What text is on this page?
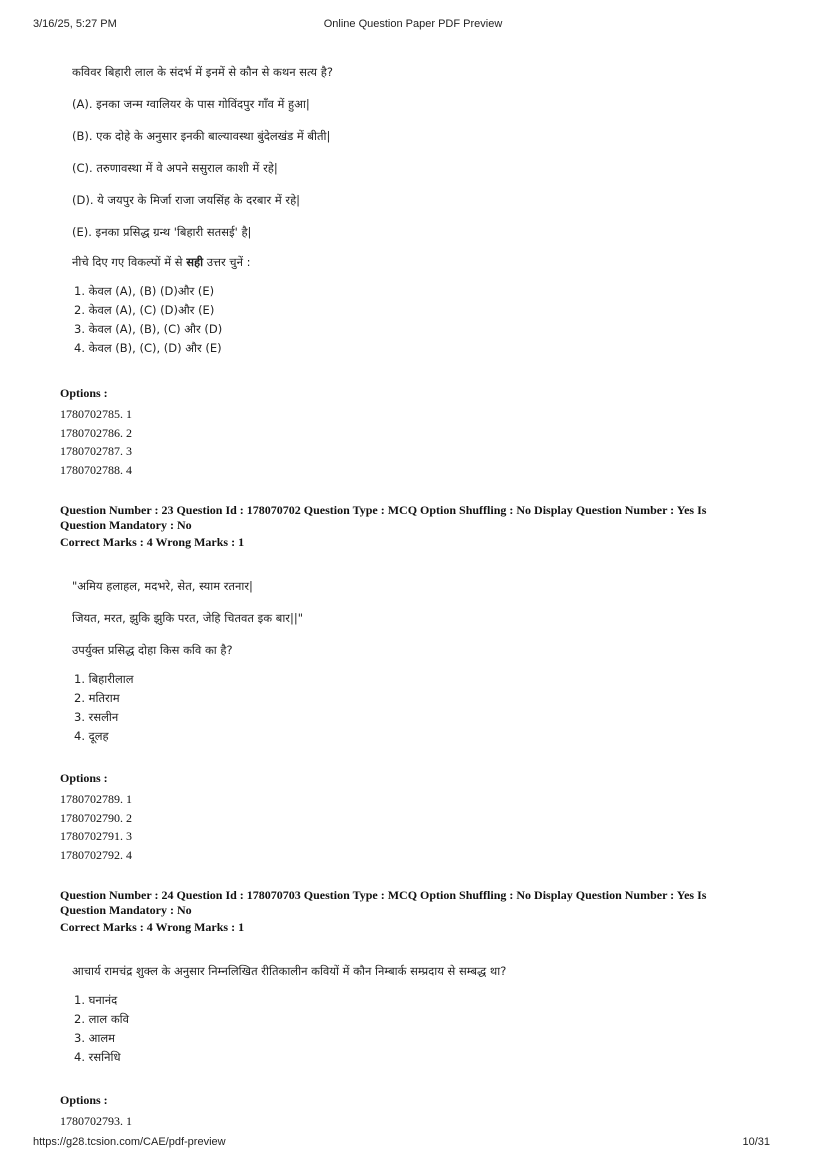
3/16/25, 5:27 PM	Online Question Paper PDF Preview
कविवर बिहारी लाल के संदर्भ में इनमें से कौन से कथन सत्य है?
(A). इनका जन्म ग्वालियर के पास गोविंदपुर गाँव में हुआ|
(B). एक दोहे के अनुसार इनकी बाल्यावस्था बुंदेलखंड में बीती|
(C). तरुणावस्था में वे अपने ससुराल काशी में रहे|
(D). ये जयपुर के मिर्जा राजा जयसिंह के दरबार में रहे|
(E). इनका प्रसिद्ध ग्रन्थ 'बिहारी सतसई' है|
नीचे दिए गए विकल्पों में से सही उत्तर चुनें :
1. केवल (A), (B) (D)और (E)
2. केवल (A), (C) (D)और (E)
3. केवल (A), (B), (C) और (D)
4. केवल (B), (C), (D) और (E)
Options :
1780702785. 1
1780702786. 2
1780702787. 3
1780702788. 4
Question Number : 23 Question Id : 178070702 Question Type : MCQ Option Shuffling : No Display Question Number : Yes Is
Question Mandatory : No
Correct Marks : 4 Wrong Marks : 1
"अमिय हलाहल, मदभरे, सेत, स्याम रतनार|
जियत, मरत, झुकि झुकि परत, जेहि चितवत इक बार||"
उपर्युक्त प्रसिद्ध दोहा किस कवि का है?
1. बिहारीलाल
2. मतिराम
3. रसलीन
4. दूलह
Options :
1780702789. 1
1780702790. 2
1780702791. 3
1780702792. 4
Question Number : 24 Question Id : 178070703 Question Type : MCQ Option Shuffling : No Display Question Number : Yes Is
Question Mandatory : No
Correct Marks : 4 Wrong Marks : 1
आचार्य रामचंद्र शुक्ल के अनुसार निम्नलिखित रीतिकालीन कवियों में कौन निम्बार्क सम्प्रदाय से सम्बद्ध था?
1. घनानंद
2. लाल कवि
3. आलम
4. रसनिधि
Options :
1780702793. 1
https://g28.tcsion.com/CAE/pdf-preview	10/31
